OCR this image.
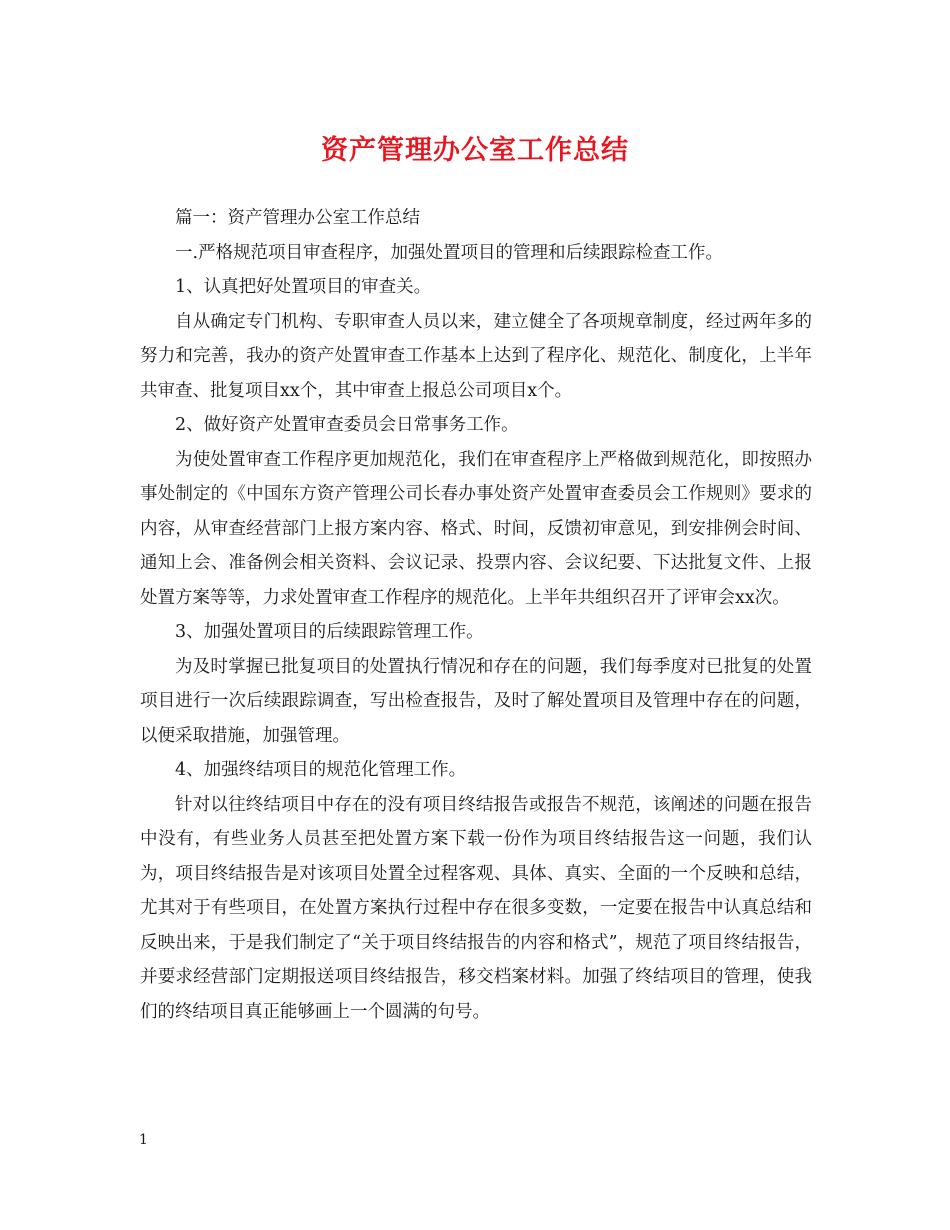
资产管理办公室工作总结

篇一：资产管理办公室工作总结

一.严格规范项目审查程序，加强处置项目的管理和后续跟踪检查工作。

1、认真把好处置项目的审查关。

自从确定专门机构、专职审查人员以来，建立健全了各项规章制度，经过两年多的努力和完善，我办的资产处置审查工作基本上达到了程序化、规范化、制度化，上半年共审查、批复项目xx个，其中审查上报总公司项目x个。

2、做好资产处置审查委员会日常事务工作。

为使处置审查工作程序更加规范化，我们在审查程序上严格做到规范化，即按照办事处制定的《中国东方资产管理公司长春办事处资产处置审查委员会工作规则》要求的内容，从审查经营部门上报方案内容、格式、时间，反馈初审意见，到安排例会时间、通知上会、准备例会相关资料、会议记录、投票内容、会议纪要、下达批复文件、上报处置方案等等，力求处置审查工作程序的规范化。上半年共组织召开了评审会xx次。

3、加强处置项目的后续跟踪管理工作。

为及时掌握已批复项目的处置执行情况和存在的问题，我们每季度对已批复的处置项目进行一次后续跟踪调查，写出检查报告，及时了解处置项目及管理中存在的问题，以便采取措施，加强管理。

4、加强终结项目的规范化管理工作。

针对以往终结项目中存在的没有项目终结报告或报告不规范，该阐述的问题在报告中没有，有些业务人员甚至把处置方案下载一份作为项目终结报告这一问题，我们认为，项目终结报告是对该项目处置全过程客观、具体、真实、全面的一个反映和总结，尤其对于有些项目，在处置方案执行过程中存在很多变数，一定要在报告中认真总结和反映出来，于是我们制定了“关于项目终结报告的内容和格式”，规范了项目终结报告，并要求经营部门定期报送项目终结报告，移交档案材料。加强了终结项目的管理，使我们的终结项目真正能够画上一个圆满的句号。

1
